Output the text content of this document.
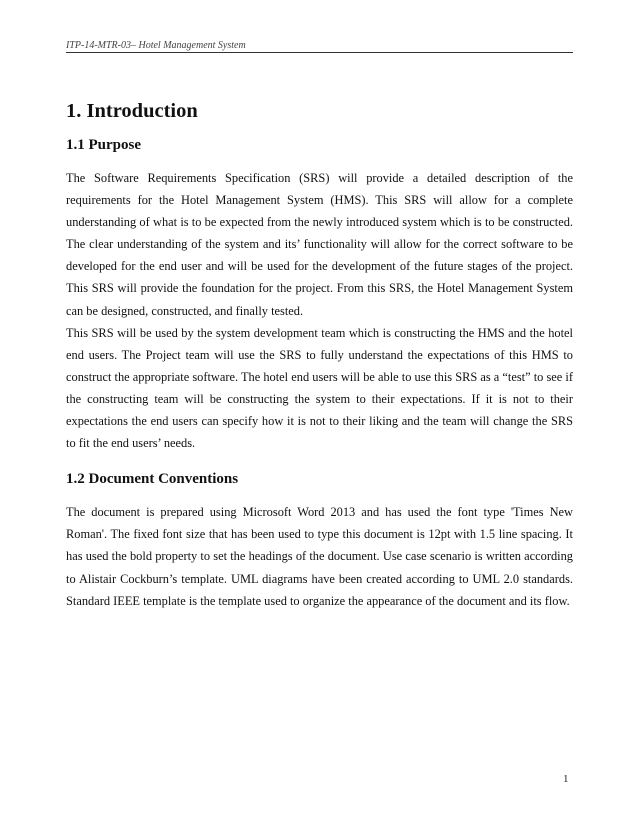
ITP-14-MTR-03– Hotel Management System
1. Introduction
1.1 Purpose

The Software Requirements Specification (SRS) will provide a detailed description of the requirements for the Hotel Management System (HMS). This SRS will allow for a complete understanding of what is to be expected from the newly introduced system which is to be constructed. The clear understanding of the system and its’ functionality will allow for the correct software to be developed for the end user and will be used for the development of the future stages of the project. This SRS will provide the foundation for the project. From this SRS, the Hotel Management System can be designed, constructed, and finally tested.

This SRS will be used by the system development team which is constructing the HMS and the hotel end users. The Project team will use the SRS to fully understand the expectations of this HMS to construct the appropriate software. The hotel end users will be able to use this SRS as a “test” to see if the constructing team will be constructing the system to their expectations. If it is not to their expectations the end users can specify how it is not to their liking and the team will change the SRS to fit the end users’ needs.

1.2 Document Conventions

The document is prepared using Microsoft Word 2013 and has used the font type 'Times New Roman'. The fixed font size that has been used to type this document is 12pt with 1.5 line spacing. It has used the bold property to set the headings of the document. Use case scenario is written according to Alistair Cockburn’s template. UML diagrams have been created according to UML 2.0 standards. Standard IEEE template is the template used to organize the appearance of the document and its flow.

1
